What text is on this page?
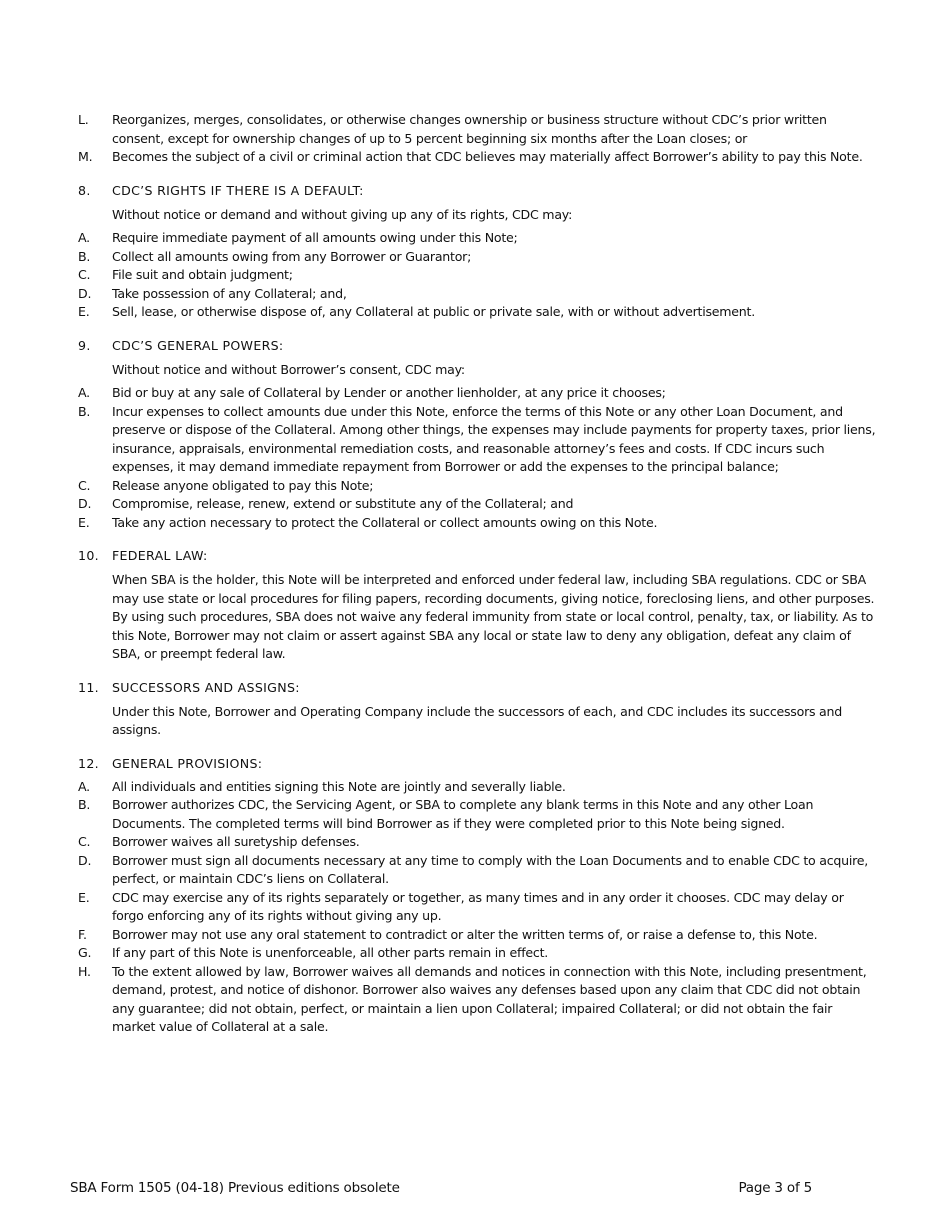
L.	Reorganizes, merges, consolidates, or otherwise changes ownership or business structure without CDC’s prior written consent, except for ownership changes of up to 5 percent beginning six months after the Loan closes; or
M.	Becomes the subject of a civil or criminal action that CDC believes may materially affect Borrower’s ability to pay this Note.
8.	CDC’S RIGHTS IF THERE IS A DEFAULT:
Without notice or demand and without giving up any of its rights, CDC may:
A.	Require immediate payment of all amounts owing under this Note;
B.	Collect all amounts owing from any Borrower or Guarantor;
C.	File suit and obtain judgment;
D.	Take possession of any Collateral; and,
E.	Sell, lease, or otherwise dispose of, any Collateral at public or private sale, with or without advertisement.
9.	CDC’S GENERAL POWERS:
Without notice and without Borrower’s consent, CDC may:
A.	Bid or buy at any sale of Collateral by Lender or another lienholder, at any price it chooses;
B.	Incur expenses to collect amounts due under this Note, enforce the terms of this Note or any other Loan Document, and preserve or dispose of the Collateral. Among other things, the expenses may include payments for property taxes, prior liens, insurance, appraisals, environmental remediation costs, and reasonable attorney’s fees and costs. If CDC incurs such expenses, it may demand immediate repayment from Borrower or add the expenses to the principal balance;
C.	Release anyone obligated to pay this Note;
D.	Compromise, release, renew, extend or substitute any of the Collateral; and
E.	Take any action necessary to protect the Collateral or collect amounts owing on this Note.
10.	FEDERAL LAW:
When SBA is the holder, this Note will be interpreted and enforced under federal law, including SBA regulations. CDC or SBA may use state or local procedures for filing papers, recording documents, giving notice, foreclosing liens, and other purposes. By using such procedures, SBA does not waive any federal immunity from state or local control, penalty, tax, or liability. As to this Note, Borrower may not claim or assert against SBA any local or state law to deny any obligation, defeat any claim of SBA, or preempt federal law.
11.	SUCCESSORS AND ASSIGNS:
Under this Note, Borrower and Operating Company include the successors of each, and CDC includes its successors and assigns.
12.	GENERAL PROVISIONS:
A.	All individuals and entities signing this Note are jointly and severally liable.
B.	Borrower authorizes CDC, the Servicing Agent, or SBA to complete any blank terms in this Note and any other Loan Documents. The completed terms will bind Borrower as if they were completed prior to this Note being signed.
C.	Borrower waives all suretyship defenses.
D.	Borrower must sign all documents necessary at any time to comply with the Loan Documents and to enable CDC to acquire, perfect, or maintain CDC’s liens on Collateral.
E.	CDC may exercise any of its rights separately or together, as many times and in any order it chooses. CDC may delay or forgo enforcing any of its rights without giving any up.
F.	Borrower may not use any oral statement to contradict or alter the written terms of, or raise a defense to, this Note.
G.	If any part of this Note is unenforceable, all other parts remain in effect.
H.	To the extent allowed by law, Borrower waives all demands and notices in connection with this Note, including presentment, demand, protest, and notice of dishonor. Borrower also waives any defenses based upon any claim that CDC did not obtain any guarantee; did not obtain, perfect, or maintain a lien upon Collateral; impaired Collateral; or did not obtain the fair market value of Collateral at a sale.
SBA Form 1505 (04-18) Previous editions obsolete	Page 3 of 5
